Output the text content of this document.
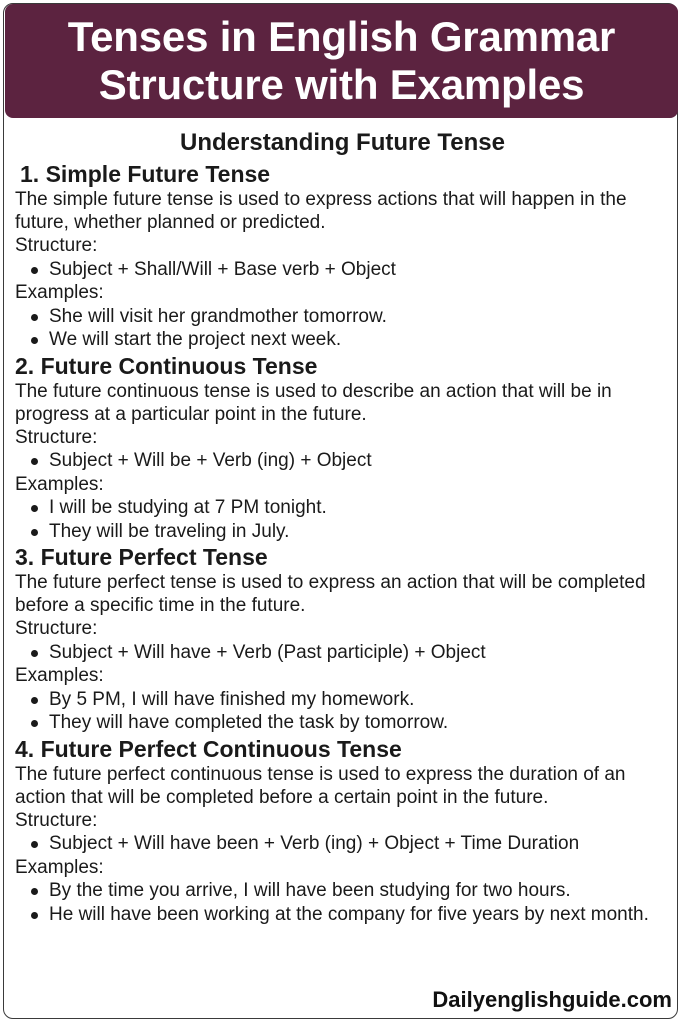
Tenses in English Grammar
Structure with Examples
Understanding Future Tense
1. Simple Future Tense
The simple future tense is used to express actions that will happen in the future, whether planned or predicted.
Structure:
Subject + Shall/Will + Base verb + Object
Examples:
She will visit her grandmother tomorrow.
We will start the project next week.
2. Future Continuous Tense
The future continuous tense is used to describe an action that will be in progress at a particular point in the future.
Structure:
Subject + Will be + Verb (ing) + Object
Examples:
I will be studying at 7 PM tonight.
They will be traveling in July.
3. Future Perfect Tense
The future perfect tense is used to express an action that will be completed before a specific time in the future.
Structure:
Subject + Will have + Verb (Past participle) + Object
Examples:
By 5 PM, I will have finished my homework.
They will have completed the task by tomorrow.
4. Future Perfect Continuous Tense
The future perfect continuous tense is used to express the duration of an action that will be completed before a certain point in the future.
Structure:
Subject + Will have been + Verb (ing) + Object + Time Duration
Examples:
By the time you arrive, I will have been studying for two hours.
He will have been working at the company for five years by next month.
Dailyenglishguide.com
